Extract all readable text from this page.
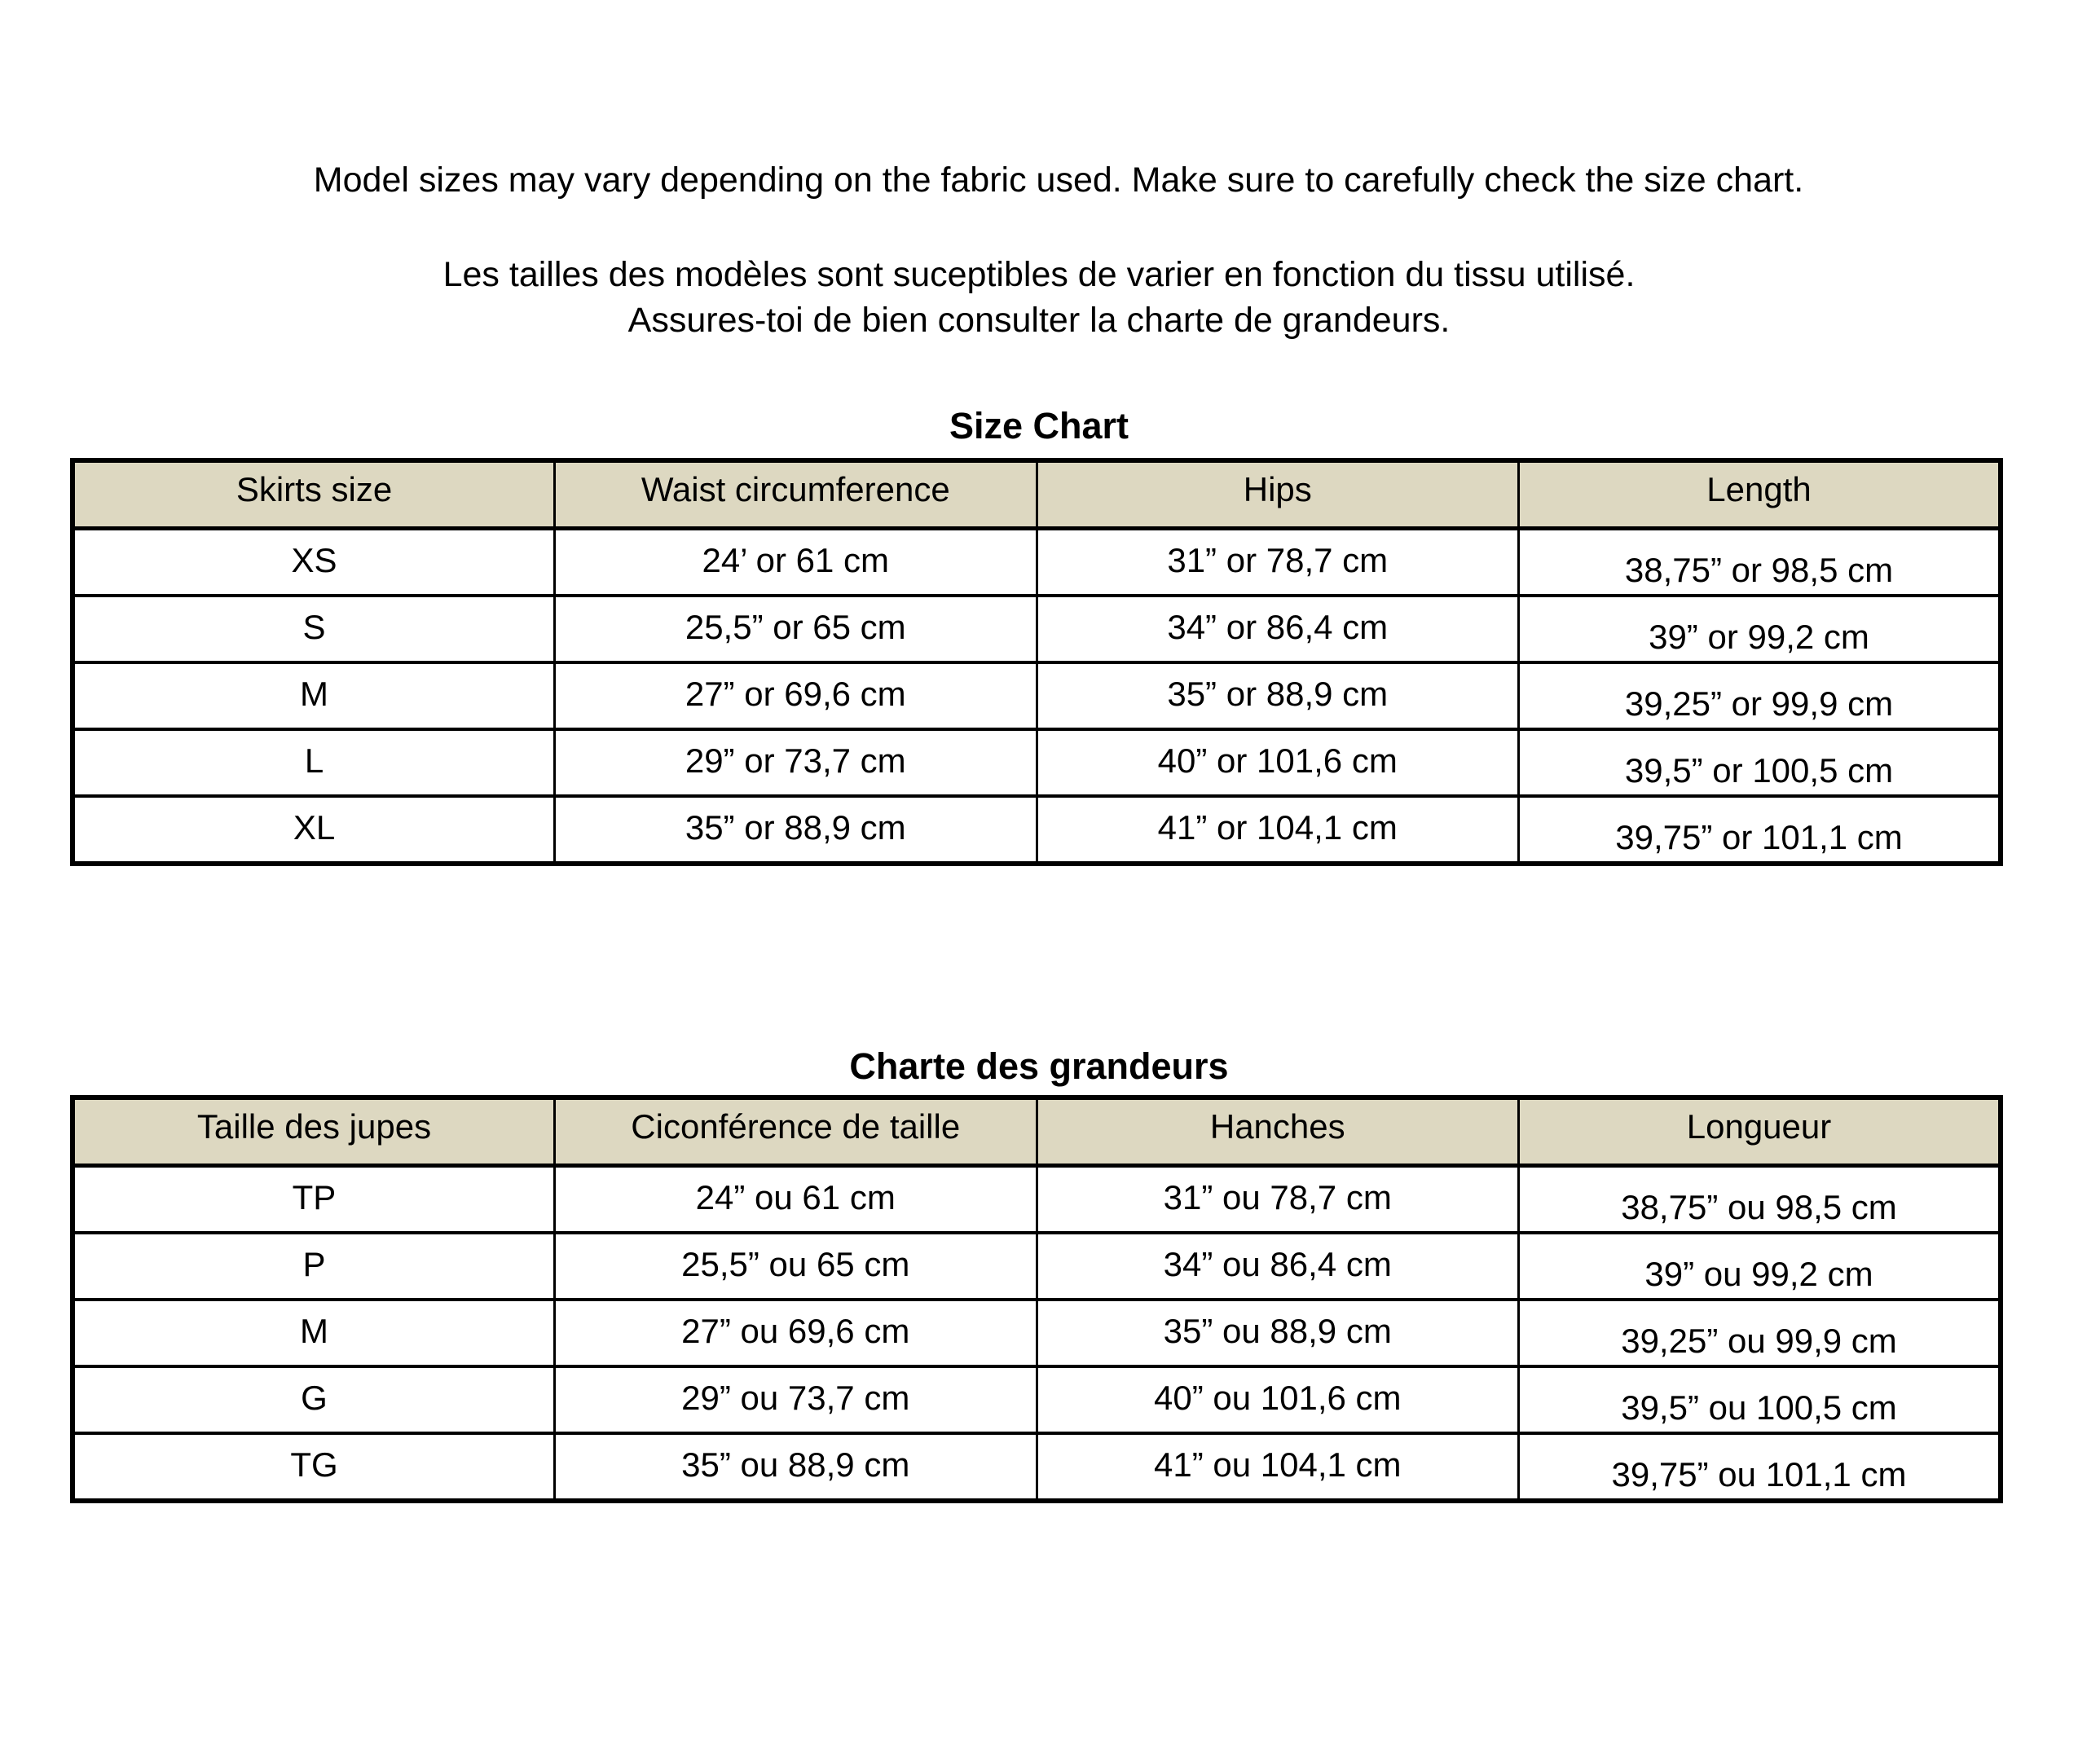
Model sizes may vary depending on the fabric used. Make sure to carefully check the size chart.
Les tailles des modèles sont suceptibles de varier en fonction du tissu utilisé.
Assures-toi de bien consulter la charte de grandeurs.
Size Chart
Skirts size	Waist circumference	Hips	Length
XS	24’ or 61 cm	31” or 78,7 cm	38,75” or 98,5 cm
S	25,5” or 65 cm	34” or 86,4 cm	39” or 99,2 cm
M	27” or 69,6 cm	35” or 88,9 cm	39,25” or 99,9 cm
L	29” or 73,7 cm	40” or 101,6 cm	39,5” or 100,5 cm
XL	35” or 88,9 cm	41” or 104,1 cm	39,75” or 101,1 cm
Charte des grandeurs
Taille des jupes	Ciconférence de taille	Hanches	Longueur
TP	24” ou 61 cm	31” ou 78,7 cm	38,75” ou 98,5 cm
P	25,5” ou 65 cm	34” ou 86,4 cm	39” ou 99,2 cm
M	27” ou 69,6 cm	35” ou 88,9 cm	39,25” ou 99,9 cm
G	29” ou 73,7 cm	40” ou 101,6 cm	39,5” ou 100,5 cm
TG	35” ou 88,9 cm	41” ou 104,1 cm	39,75” ou 101,1 cm
